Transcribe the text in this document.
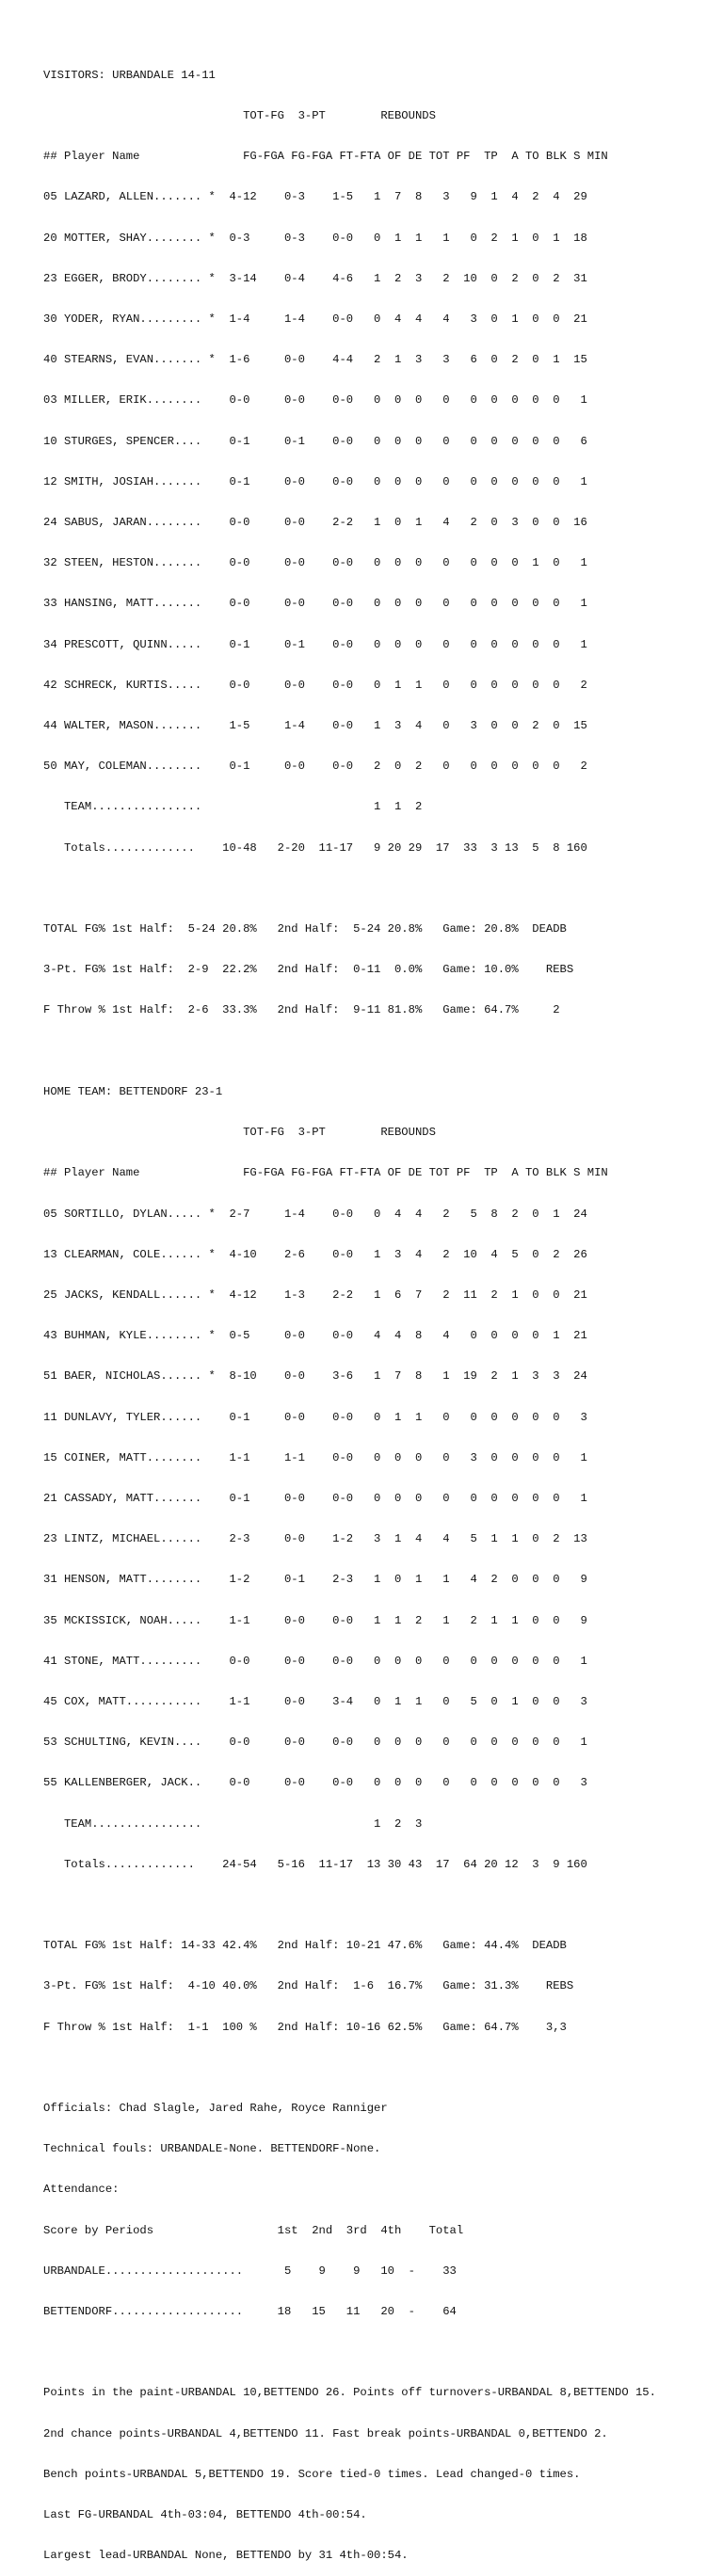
VISITORS: URBANDALE 14-11

TOT-FG  3-PT        REBOUNDS

## Player Name               FG-FGA FG-FGA FT-FTA OF DE TOT PF  TP  A TO BLK S MIN

05 LAZARD, ALLEN....... *  4-12    0-3    1-5   1  7  8   3   9  1  4  2  4  29

20 MOTTER, SHAY........ *  0-3     0-3    0-0   0  1  1   1   0  2  1  0  1  18

23 EGGER, BRODY........ *  3-14    0-4    4-6   1  2  3   2  10  0  2  0  2  31

30 YODER, RYAN......... *  1-4     1-4    0-0   0  4  4   4   3  0  1  0  0  21

40 STEARNS, EVAN....... *  1-6     0-0    4-4   2  1  3   3   6  0  2  0  1  15

03 MILLER, ERIK........    0-0     0-0    0-0   0  0  0   0   0  0  0  0  0   1

10 STURGES, SPENCER....    0-1     0-1    0-0   0  0  0   0   0  0  0  0  0   6

12 SMITH, JOSIAH.......    0-1     0-0    0-0   0  0  0   0   0  0  0  0  0   1

24 SABUS, JARAN........    0-0     0-0    2-2   1  0  1   4   2  0  3  0  0  16

32 STEEN, HESTON.......    0-0     0-0    0-0   0  0  0   0   0  0  0  1  0   1

33 HANSING, MATT.......    0-0     0-0    0-0   0  0  0   0   0  0  0  0  0   1

34 PRESCOTT, QUINN.....    0-1     0-1    0-0   0  0  0   0   0  0  0  0  0   1

42 SCHRECK, KURTIS.....    0-0     0-0    0-0   0  1  1   0   0  0  0  0  0   2

44 WALTER, MASON.......    1-5     1-4    0-0   1  3  4   0   3  0  0  2  0  15

50 MAY, COLEMAN........    0-1     0-0    0-0   2  0  2   0   0  0  0  0  0   2

TEAM................                         1  1  2

Totals.............    10-48   2-20  11-17   9 20 29  17  33  3 13  5  8 160

TOTAL FG% 1st Half:  5-24 20.8%   2nd Half:  5-24 20.8%   Game: 20.8%  DEADB

3-Pt. FG% 1st Half:  2-9  22.2%   2nd Half:  0-11  0.0%   Game: 10.0%    REBS

F Throw % 1st Half:  2-6  33.3%   2nd Half:  9-11 81.8%   Game: 64.7%     2

HOME TEAM: BETTENDORF 23-1

TOT-FG  3-PT        REBOUNDS

## Player Name               FG-FGA FG-FGA FT-FTA OF DE TOT PF  TP  A TO BLK S MIN

05 SORTILLO, DYLAN..... *  2-7     1-4    0-0   0  4  4   2   5  8  2  0  1  24

13 CLEARMAN, COLE...... *  4-10    2-6    0-0   1  3  4   2  10  4  5  0  2  26

25 JACKS, KENDALL...... *  4-12    1-3    2-2   1  6  7   2  11  2  1  0  0  21

43 BUHMAN, KYLE........ *  0-5     0-0    0-0   4  4  8   4   0  0  0  0  1  21

51 BAER, NICHOLAS...... *  8-10    0-0    3-6   1  7  8   1  19  2  1  3  3  24

11 DUNLAVY, TYLER......    0-1     0-0    0-0   0  1  1   0   0  0  0  0  0   3

15 COINER, MATT........    1-1     1-1    0-0   0  0  0   0   3  0  0  0  0   1

21 CASSADY, MATT.......    0-1     0-0    0-0   0  0  0   0   0  0  0  0  0   1

23 LINTZ, MICHAEL......    2-3     0-0    1-2   3  1  4   4   5  1  1  0  2  13

31 HENSON, MATT........    1-2     0-1    2-3   1  0  1   1   4  2  0  0  0   9

35 MCKISSICK, NOAH.....    1-1     0-0    0-0   1  1  2   1   2  1  1  0  0   9

41 STONE, MATT.........    0-0     0-0    0-0   0  0  0   0   0  0  0  0  0   1

45 COX, MATT...........    1-1     0-0    3-4   0  1  1   0   5  0  1  0  0   3

53 SCHULTING, KEVIN....    0-0     0-0    0-0   0  0  0   0   0  0  0  0  0   1

55 KALLENBERGER, JACK..    0-0     0-0    0-0   0  0  0   0   0  0  0  0  0   3

TEAM................                         1  2  3

Totals.............    24-54   5-16  11-17  13 30 43  17  64 20 12  3  9 160

TOTAL FG% 1st Half: 14-33 42.4%   2nd Half: 10-21 47.6%   Game: 44.4%  DEADB

3-Pt. FG% 1st Half:  4-10 40.0%   2nd Half:  1-6  16.7%   Game: 31.3%    REBS

F Throw % 1st Half:  1-1  100 %   2nd Half: 10-16 62.5%   Game: 64.7%    3,3

Officials: Chad Slagle, Jared Rahe, Royce Ranniger

Technical fouls: URBANDALE-None. BETTENDORF-None.

Attendance:

Score by Periods                  1st  2nd  3rd  4th    Total

URBANDALE....................      5    9    9   10  -    33

BETTENDORF...................     18   15   11   20  -    64

Points in the paint-URBANDAL 10,BETTENDO 26. Points off turnovers-URBANDAL 8,BETTENDO 15.

2nd chance points-URBANDAL 4,BETTENDO 11. Fast break points-URBANDAL 0,BETTENDO 2.

Bench points-URBANDAL 5,BETTENDO 19. Score tied-0 times. Lead changed-0 times.

Last FG-URBANDAL 4th-03:04, BETTENDO 4th-00:54.

Largest lead-URBANDAL None, BETTENDO by 31 4th-00:54.
